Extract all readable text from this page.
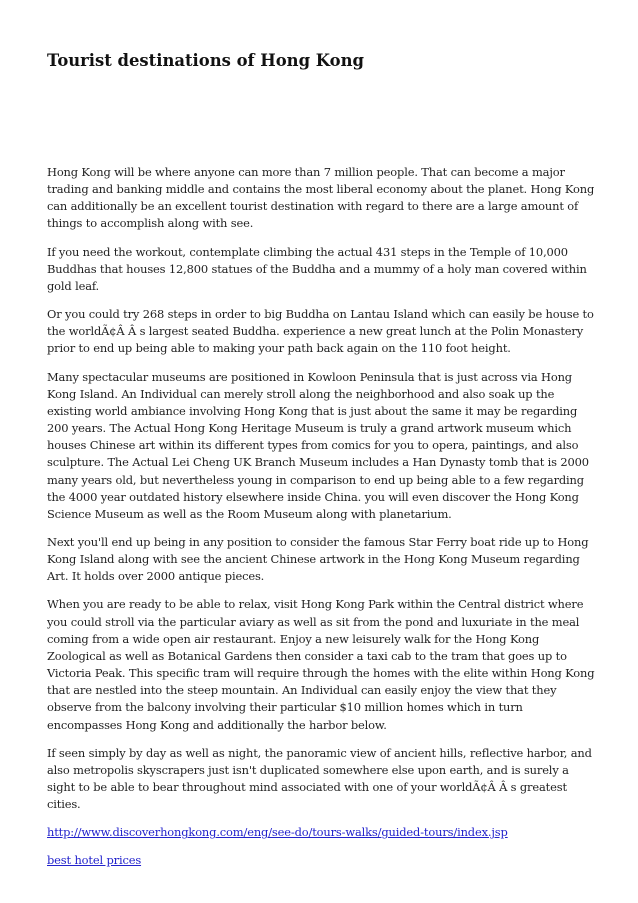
Tourist destinations of Hong Kong

Hong Kong will be where anyone can more than 7 million people. That can become a major trading and banking middle and contains the most liberal economy about the planet. Hong Kong can additionally be an excellent tourist destination with regard to there are a large amount of things to accomplish along with see.

If you need the workout, contemplate climbing the actual 431 steps in the Temple of 10,000 Buddhas that houses 12,800 statues of the Buddha and a mummy of a holy man covered within gold leaf.

Or you could try 268 steps in order to big Buddha on Lantau Island which can easily be house to the worldÃ¢Â Â s largest seated Buddha. experience a new great lunch at the Polin Monastery prior to end up being able to making your path back again on the 110 foot height.

Many spectacular museums are positioned in Kowloon Peninsula that is just across via Hong Kong Island. An Individual can merely stroll along the neighborhood and also soak up the existing world ambiance involving Hong Kong that is just about the same it may be regarding 200 years. The Actual Hong Kong Heritage Museum is truly a grand artwork museum which houses Chinese art within its different types from comics for you to opera, paintings, and also sculpture. The Actual Lei Cheng UK Branch Museum includes a Han Dynasty tomb that is 2000 many years old, but nevertheless young in comparison to end up being able to a few regarding the 4000 year outdated history elsewhere inside China. you will even discover the Hong Kong Science Museum as well as the Room Museum along with planetarium.

Next you'll end up being in any position to consider the famous Star Ferry boat ride up to Hong Kong Island along with see the ancient Chinese artwork in the Hong Kong Museum regarding Art. It holds over 2000 antique pieces.

When you are ready to be able to relax, visit Hong Kong Park within the Central district where you could stroll via the particular aviary as well as sit from the pond and luxuriate in the meal coming from a wide open air restaurant. Enjoy a new leisurely walk for the Hong Kong Zoological as well as Botanical Gardens then consider a taxi cab to the tram that goes up to Victoria Peak. This specific tram will require through the homes with the elite within Hong Kong that are nestled into the steep mountain. An Individual can easily enjoy the view that they observe from the balcony involving their particular $10 million homes which in turn encompasses Hong Kong and additionally the harbor below.

If seen simply by day as well as night, the panoramic view of ancient hills, reflective harbor, and also metropolis skyscrapers just isn't duplicated somewhere else upon earth, and is surely a sight to be able to bear throughout mind associated with one of your worldÃ¢Â Â s greatest cities.

http://www.discoverhongkong.com/eng/see-do/tours-walks/guided-tours/index.jsp

best hotel prices
